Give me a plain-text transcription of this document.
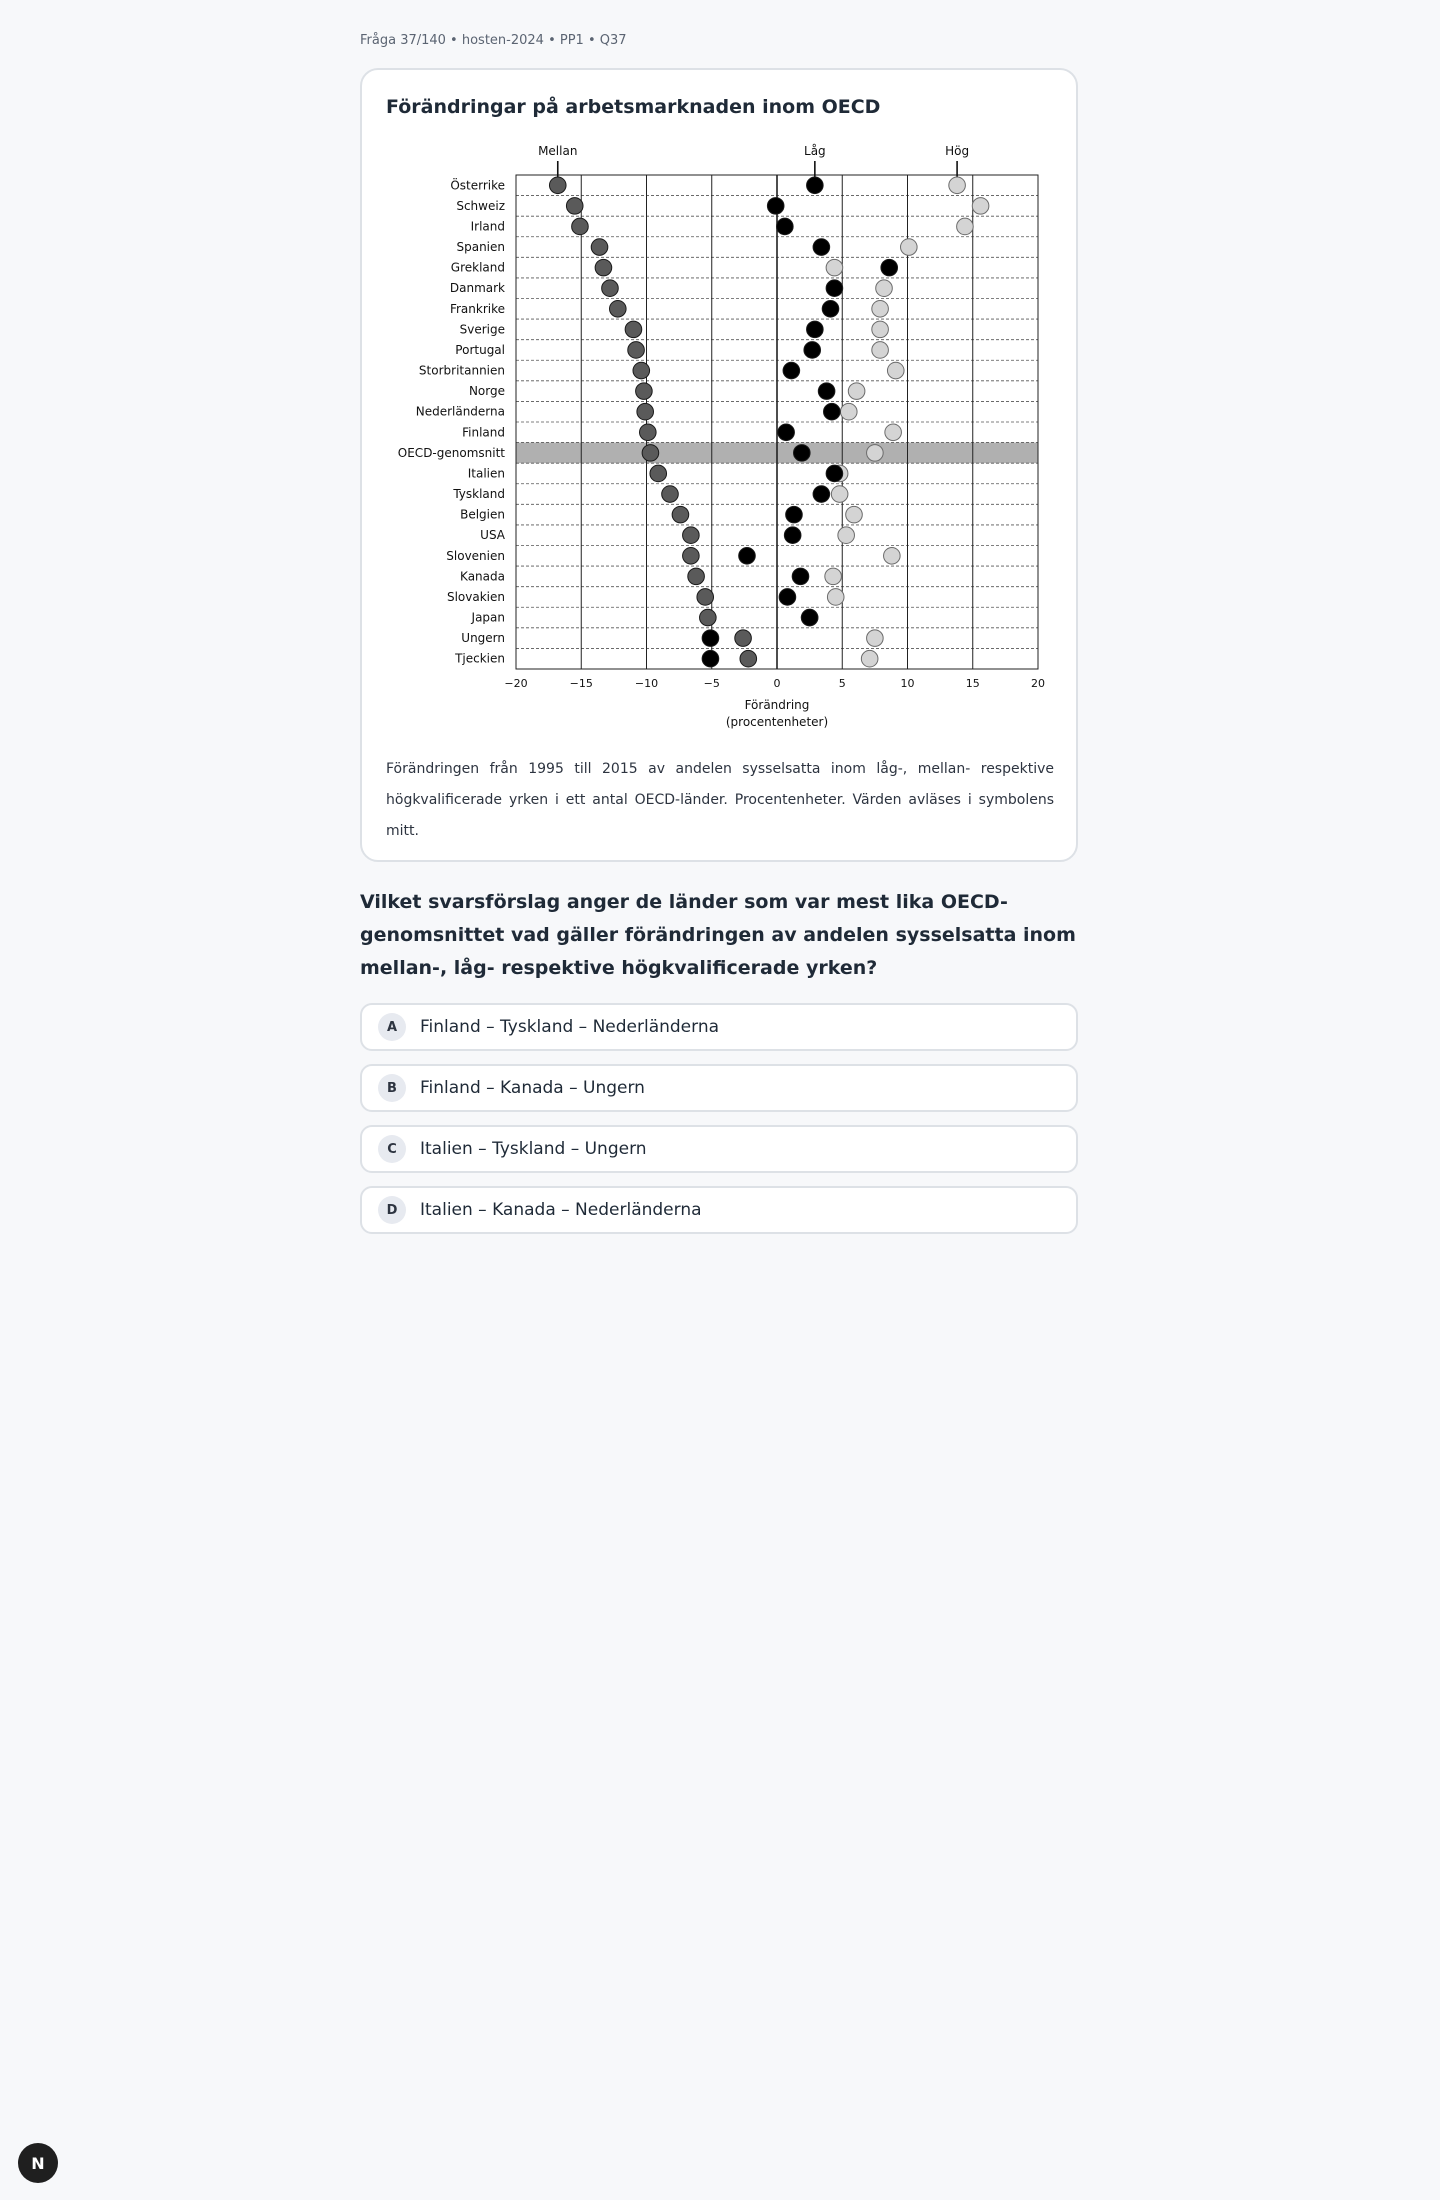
Fråga 37/140 • hosten-2024 • PP1 • Q37
Förändringar på arbetsmarknaden inom OECD
Österrike
Schweiz
Irland
Spanien
Grekland
Danmark
Frankrike
Sverige
Portugal
Storbritannien
Norge
Nederländerna
Finland
OECD-genomsnitt
Italien
Tyskland
Belgien
USA
Slovenien
Kanada
Slovakien
Japan
Ungern
Tjeckien
−20	−15	−10	−5	0	5	10	15	20
Förändring
(procentenheter)
Mellan	Låg	Hög
Förändringen från 1995 till 2015 av andelen sysselsatta inom låg-, mellan- respektive högkvalificerade yrken i ett antal OECD-länder. Procentenheter. Värden avläses i symbolens mitt.
Vilket svarsförslag anger de länder som var mest lika OECD-genomsnittet vad gäller förändringen av andelen sysselsatta inom mellan-, låg- respektive högkvalificerade yrken?
A	Finland – Tyskland – Nederländerna
B	Finland – Kanada – Ungern
C	Italien – Tyskland – Ungern
D	Italien – Kanada – Nederländerna
N
